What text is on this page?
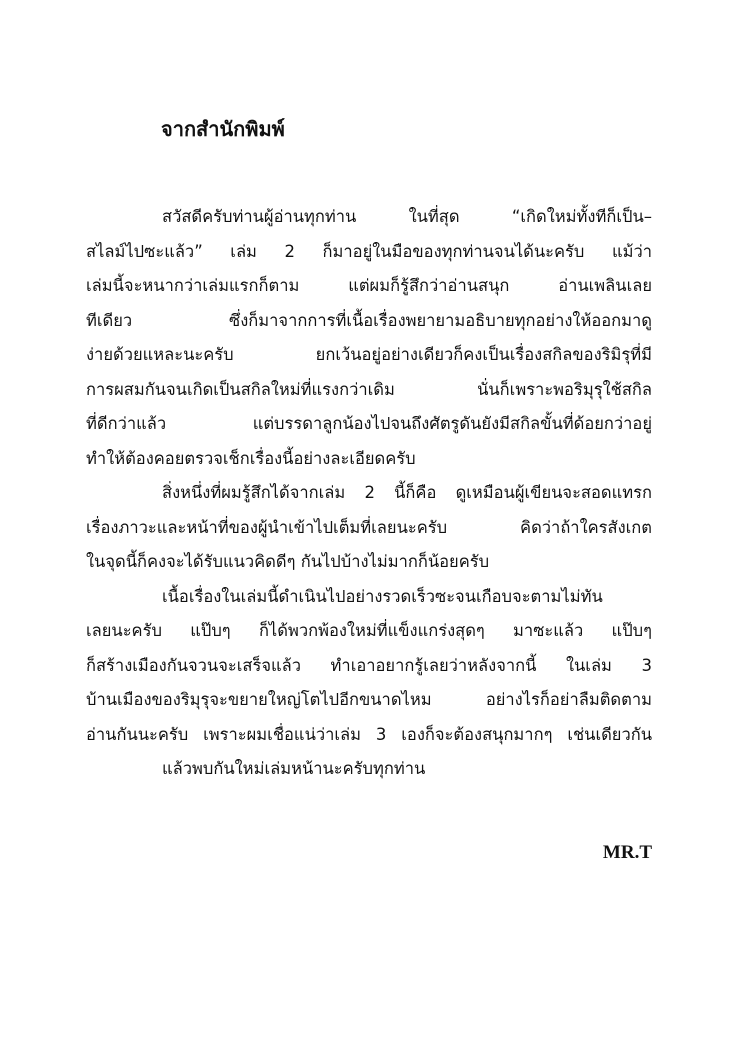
จากสำนักพิมพ์
สวัสดีครับท่านผู้อ่านทุกท่าน ในที่สุด “เกิดใหม่ทั้งทีก็เป็น–
สไลม์ไปซะแล้ว” เล่ม 2 ก็มาอยู่ในมือของทุกท่านจนได้นะครับ แม้ว่า
เล่มนี้จะหนากว่าเล่มแรกก็ตาม แต่ผมก็รู้สึกว่าอ่านสนุก อ่านเพลินเลย
ทีเดียว ซึ่งก็มาจากการที่เนื้อเรื่องพยายามอธิบายทุกอย่างให้ออกมาดู
ง่ายด้วยแหละนะครับ ยกเว้นอยู่อย่างเดียวก็คงเป็นเรื่องสกิลของริมิรุที่มี
การผสมกันจนเกิดเป็นสกิลใหม่ที่แรงกว่าเดิม นั่นก็เพราะพอริมุรุใช้สกิล
ที่ดีกว่าแล้ว แต่บรรดาลูกน้องไปจนถึงศัตรูดันยังมีสกิลขั้นที่ด้อยกว่าอยู่
ทำให้ต้องคอยตรวจเช็กเรื่องนี้อย่างละเอียดครับ
สิ่งหนึ่งที่ผมรู้สึกได้จากเล่ม 2 นี้ก็คือ ดูเหมือนผู้เขียนจะสอดแทรก
เรื่องภาวะและหน้าที่ของผู้นำเข้าไปเต็มที่เลยนะครับ คิดว่าถ้าใครสังเกต
ในจุดนี้ก็คงจะได้รับแนวคิดดีๆ กันไปบ้างไม่มากก็น้อยครับ
เนื้อเรื่องในเล่มนี้ดำเนินไปอย่างรวดเร็วซะจนเกือบจะตามไม่ทัน
เลยนะครับ แป๊บๆ ก็ได้พวกพ้องใหม่ที่แข็งแกร่งสุดๆ มาซะแล้ว แป๊บๆ
ก็สร้างเมืองกันจวนจะเสร็จแล้ว ทำเอาอยากรู้เลยว่าหลังจากนี้ ในเล่ม 3
บ้านเมืองของริมุรุจะขยายใหญ่โตไปอีกขนาดไหม อย่างไรก็อย่าลืมติดตาม
อ่านกันนะครับ เพราะผมเชื่อแน่ว่าเล่ม 3 เองก็จะต้องสนุกมากๆ เช่นเดียวกัน
แล้วพบกันใหม่เล่มหน้านะครับทุกท่าน
MR.T
